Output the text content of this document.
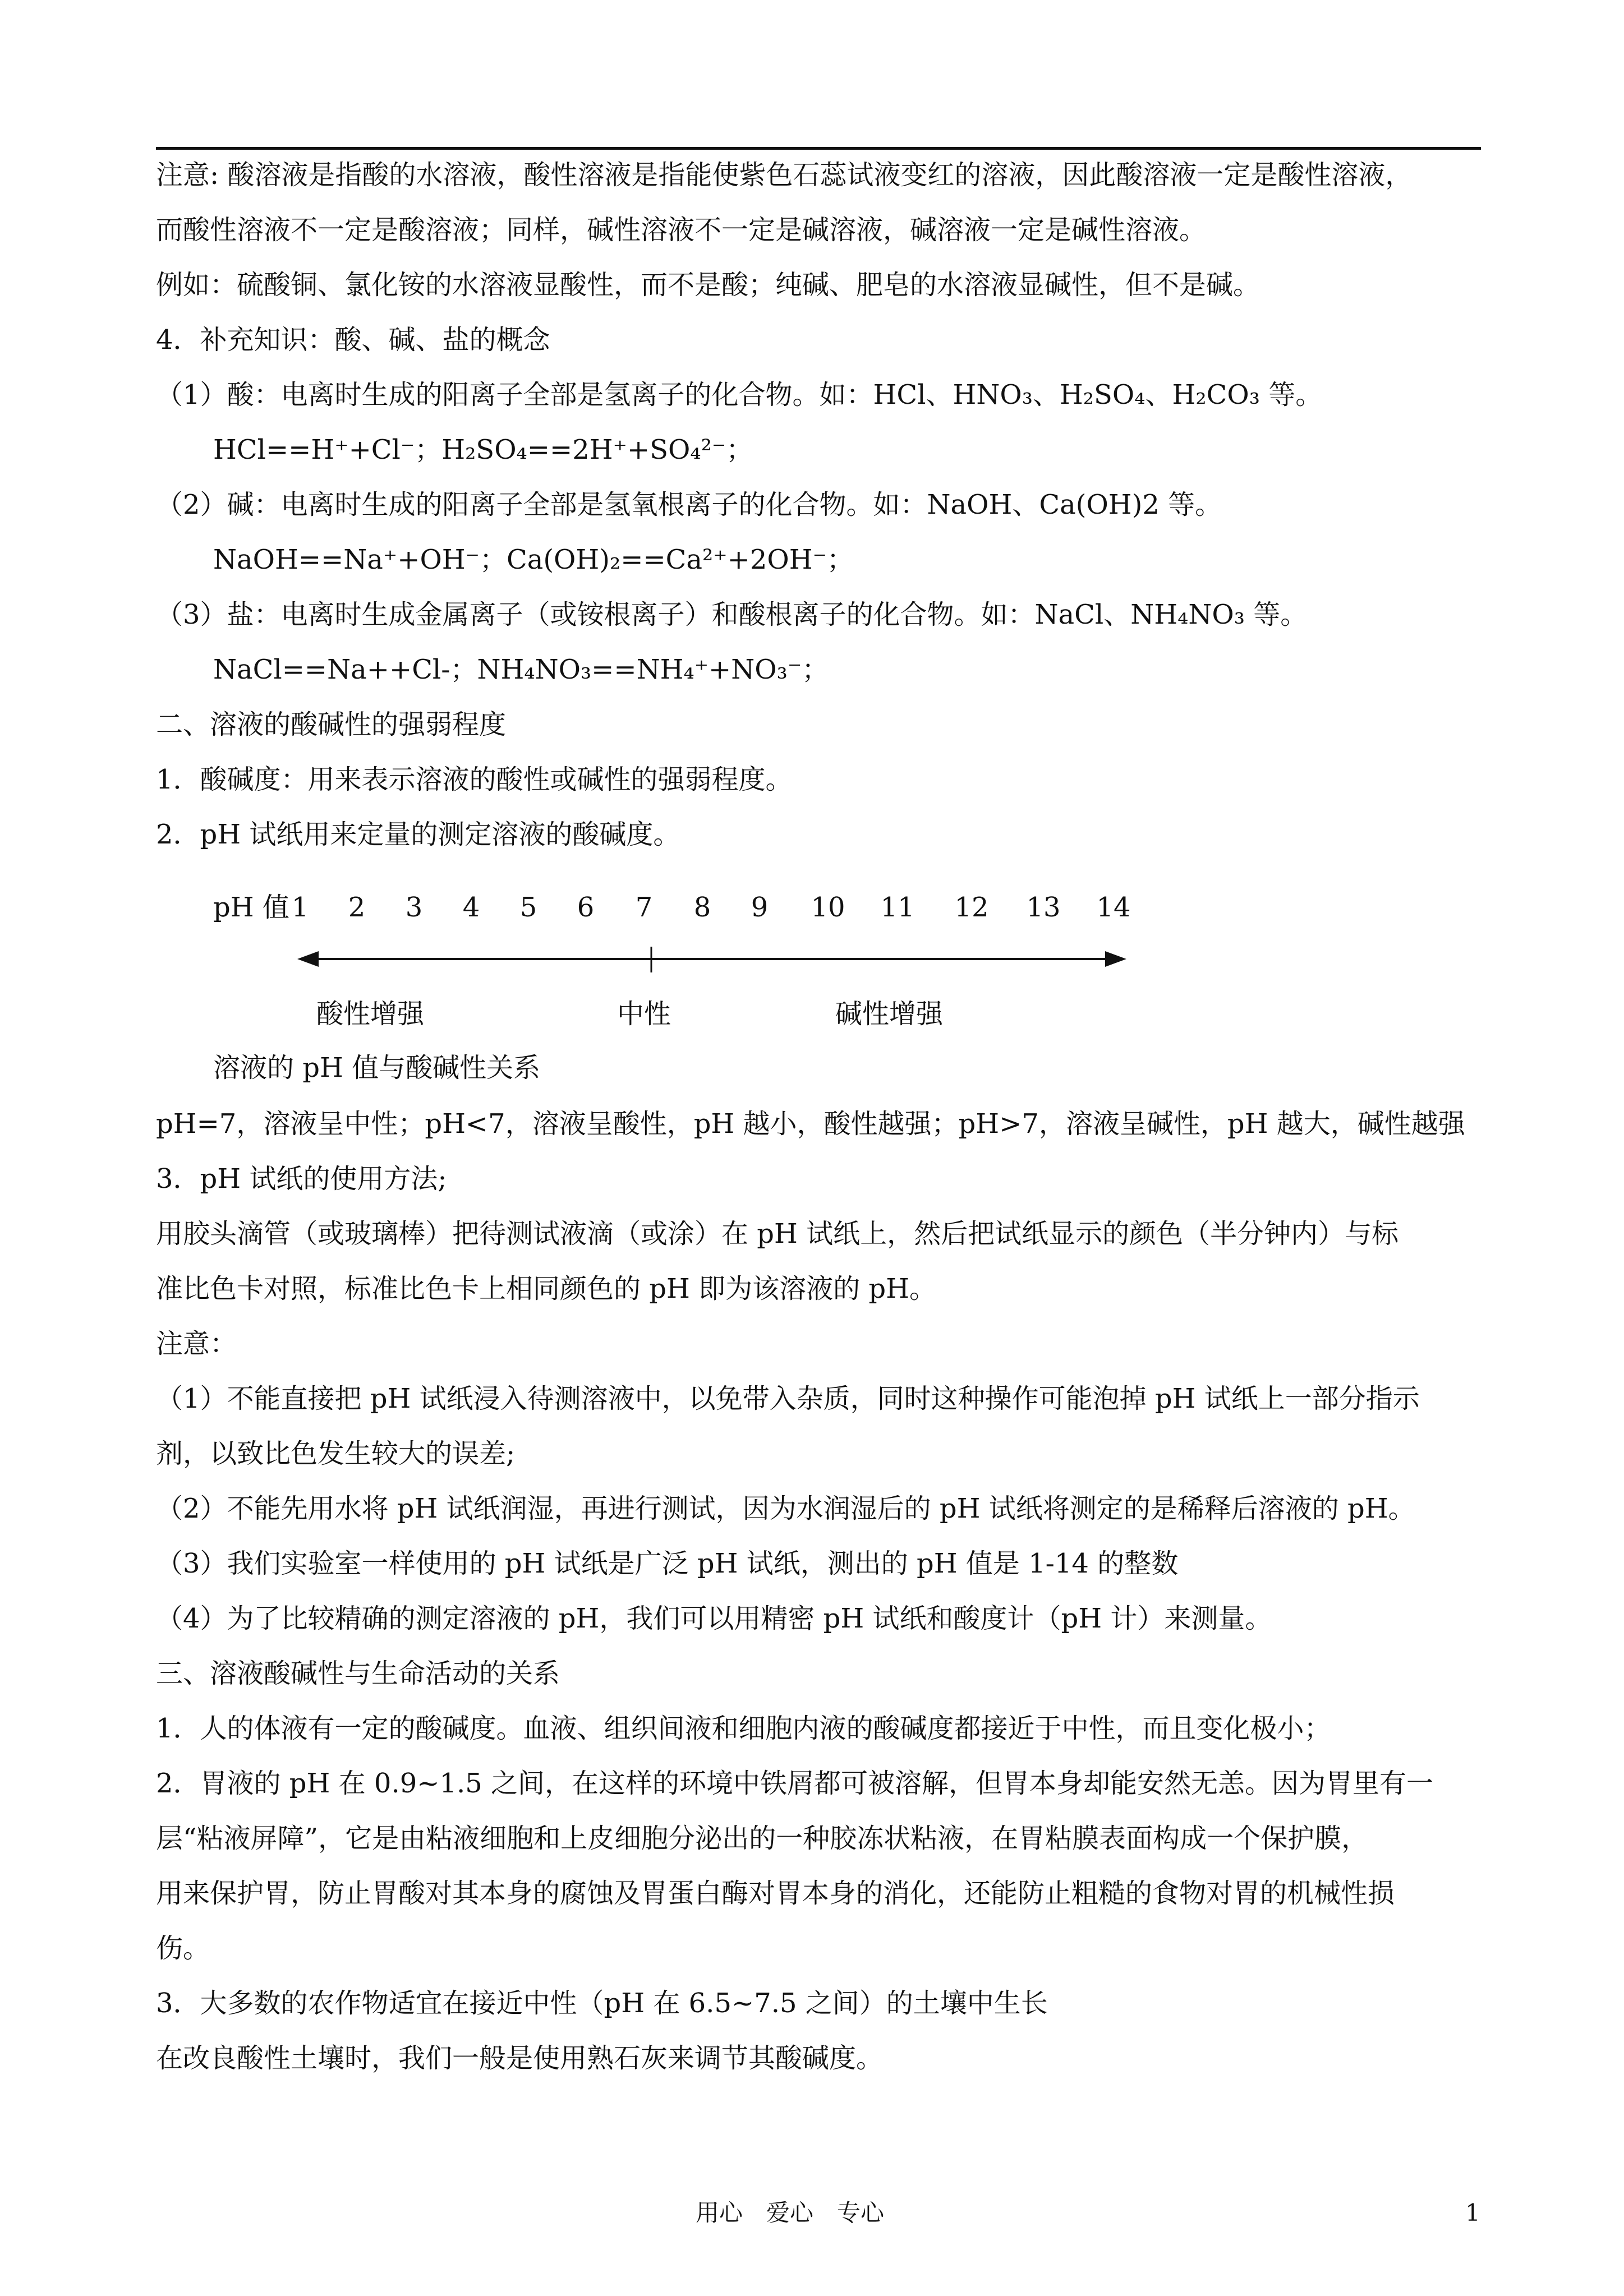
注意: 酸溶液是指酸的水溶液，酸性溶液是指能使紫色石蕊试液变红的溶液，因此酸溶液一定是酸性溶液，
而酸性溶液不一定是酸溶液；同样，碱性溶液不一定是碱溶液，碱溶液一定是碱性溶液。
例如：硫酸铜、氯化铵的水溶液显酸性，而不是酸；纯碱、肥皂的水溶液显碱性，但不是碱。
4．补充知识：酸、碱、盐的概念
（1）酸：电离时生成的阳离子全部是氢离子的化合物。如：HCl、HNO₃、H₂SO₄、H₂CO₃ 等。
HCl==H⁺+Cl⁻；H₂SO₄==2H⁺+SO₄²⁻；
（2）碱：电离时生成的阳离子全部是氢氧根离子的化合物。如：NaOH、Ca(OH)2 等。
NaOH==Na⁺+OH⁻；Ca(OH)₂==Ca²⁺+2OH⁻；
（3）盐：电离时生成金属离子（或铵根离子）和酸根离子的化合物。如：NaCl、NH₄NO₃ 等。
NaCl==Na++Cl-；NH₄NO₃==NH₄⁺+NO₃⁻；
二、溶液的酸碱性的强弱程度
1．酸碱度：用来表示溶液的酸性或碱性的强弱程度。
2．pH 试纸用来定量的测定溶液的酸碱度。
pH 值 1 2 3 4 5 6 7 8 9 10 11 12 13 14
酸性增强	中性	碱性增强
溶液的 pH 值与酸碱性关系
pH=7，溶液呈中性；pH<7，溶液呈酸性，pH 越小，酸性越强；pH>7，溶液呈碱性，pH 越大，碱性越强
3．pH 试纸的使用方法;
用胶头滴管（或玻璃棒）把待测试液滴（或涂）在 pH 试纸上，然后把试纸显示的颜色（半分钟内）与标
准比色卡对照，标准比色卡上相同颜色的 pH 即为该溶液的 pH。
注意：
（1）不能直接把 pH 试纸浸入待测溶液中，以免带入杂质，同时这种操作可能泡掉 pH 试纸上一部分指示
剂，以致比色发生较大的误差;
（2）不能先用水将 pH 试纸润湿，再进行测试，因为水润湿后的 pH 试纸将测定的是稀释后溶液的 pH。
（3）我们实验室一样使用的 pH 试纸是广泛 pH 试纸，测出的 pH 值是 1-14 的整数
（4）为了比较精确的测定溶液的 pH，我们可以用精密 pH 试纸和酸度计（pH 计）来测量。
三、溶液酸碱性与生命活动的关系
1．人的体液有一定的酸碱度。血液、组织间液和细胞内液的酸碱度都接近于中性，而且变化极小；
2．胃液的 pH 在 0.9~1.5 之间，在这样的环境中铁屑都可被溶解，但胃本身却能安然无恙。因为胃里有一
层“粘液屏障”，它是由粘液细胞和上皮细胞分泌出的一种胶冻状粘液，在胃粘膜表面构成一个保护膜，
用来保护胃，防止胃酸对其本身的腐蚀及胃蛋白酶对胃本身的消化，还能防止粗糙的食物对胃的机械性损
伤。
3．大多数的农作物适宜在接近中性（pH 在 6.5~7.5 之间）的土壤中生长
在改良酸性土壤时，我们一般是使用熟石灰来调节其酸碱度。
用心　爱心　专心	1
